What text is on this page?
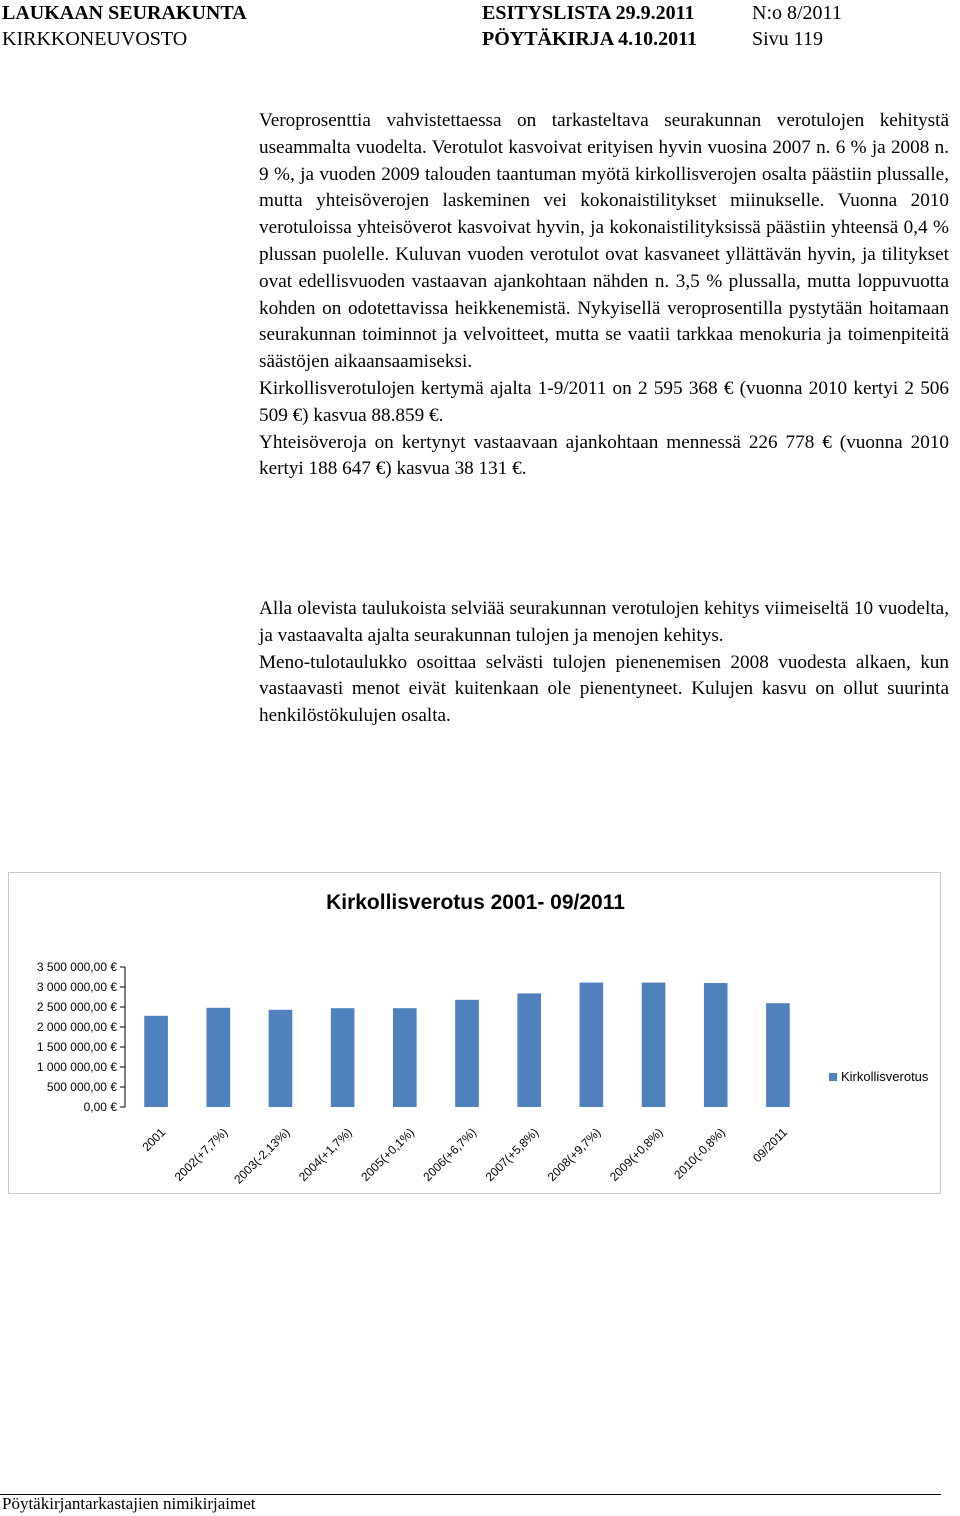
LAUKAAN SEURAKUNTA	ESITYSLISTA 29.9.2011	N:o 8/2011
KIRKKONEUVOSTO	PÖYTÄKIRJA 4.10.2011	Sivu 119

Veroprosenttia vahvistettaessa on tarkasteltava seurakunnan verotulojen kehitystä useammalta vuodelta. Verotulot kasvoivat erityisen hyvin vuosina 2007 n. 6 % ja 2008 n. 9 %, ja vuoden 2009 talouden taantuman myötä kirkollisverojen osalta päästiin plussalle, mutta yhteisöverojen laskeminen vei kokonaistilitykset miinukselle. Vuonna 2010 verotuloissa yhteisöverot kasvoivat hyvin, ja kokonaistilityksissä päästiin yhteensä 0,4 % plussan puolelle. Kuluvan vuoden verotulot ovat kasvaneet yllättävän hyvin, ja tilitykset ovat edellisvuoden vastaavan ajankohtaan nähden n. 3,5 % plussalla, mutta loppuvuotta kohden on odotettavissa heikkenemistä. Nykyisellä veroprosentilla pystytään hoitamaan seurakunnan toiminnot ja velvoitteet, mutta se vaatii tarkkaa menokuria ja toimenpiteitä säästöjen aikaansaamiseksi.

Kirkollisverotulojen kertymä ajalta 1-9/2011 on 2 595 368 € (vuonna 2010 kertyi 2 506 509 €) kasvua 88.859 €.

Yhteisöveroja on kertynyt vastaavaan ajankohtaan mennessä 226 778 € (vuonna 2010 kertyi 188 647 €) kasvua 38 131 €.

Alla olevista taulukoista selviää seurakunnan verotulojen kehitys viimeiseltä 10 vuodelta, ja vastaavalta ajalta seurakunnan tulojen ja menojen kehitys.

Meno-tulotaulukko osoittaa selvästi tulojen pienenemisen 2008 vuodesta alkaen, kun vastaavasti menot eivät kuitenkaan ole pienentyneet. Kulujen kasvu on ollut suurinta henkilöstökulujen osalta.

Kirkollisverotus 2001- 09/2011
0,00 €
500 000,00 €
1 000 000,00 €
1 500 000,00 €
2 000 000,00 €
2 500 000,00 €
3 000 000,00 €
3 500 000,00 €
2001 2002(+7,7%) 2003(-2,13%) 2004(+1,7%) 2005(+0,1%) 2006(+6,7%) 2007(+5,8%) 2008(+9,7%) 2009(+0,8%) 2010(-0,8%) 09/2011
Kirkollisverotus
Pöytäkirjantarkastajien nimikirjaimet
